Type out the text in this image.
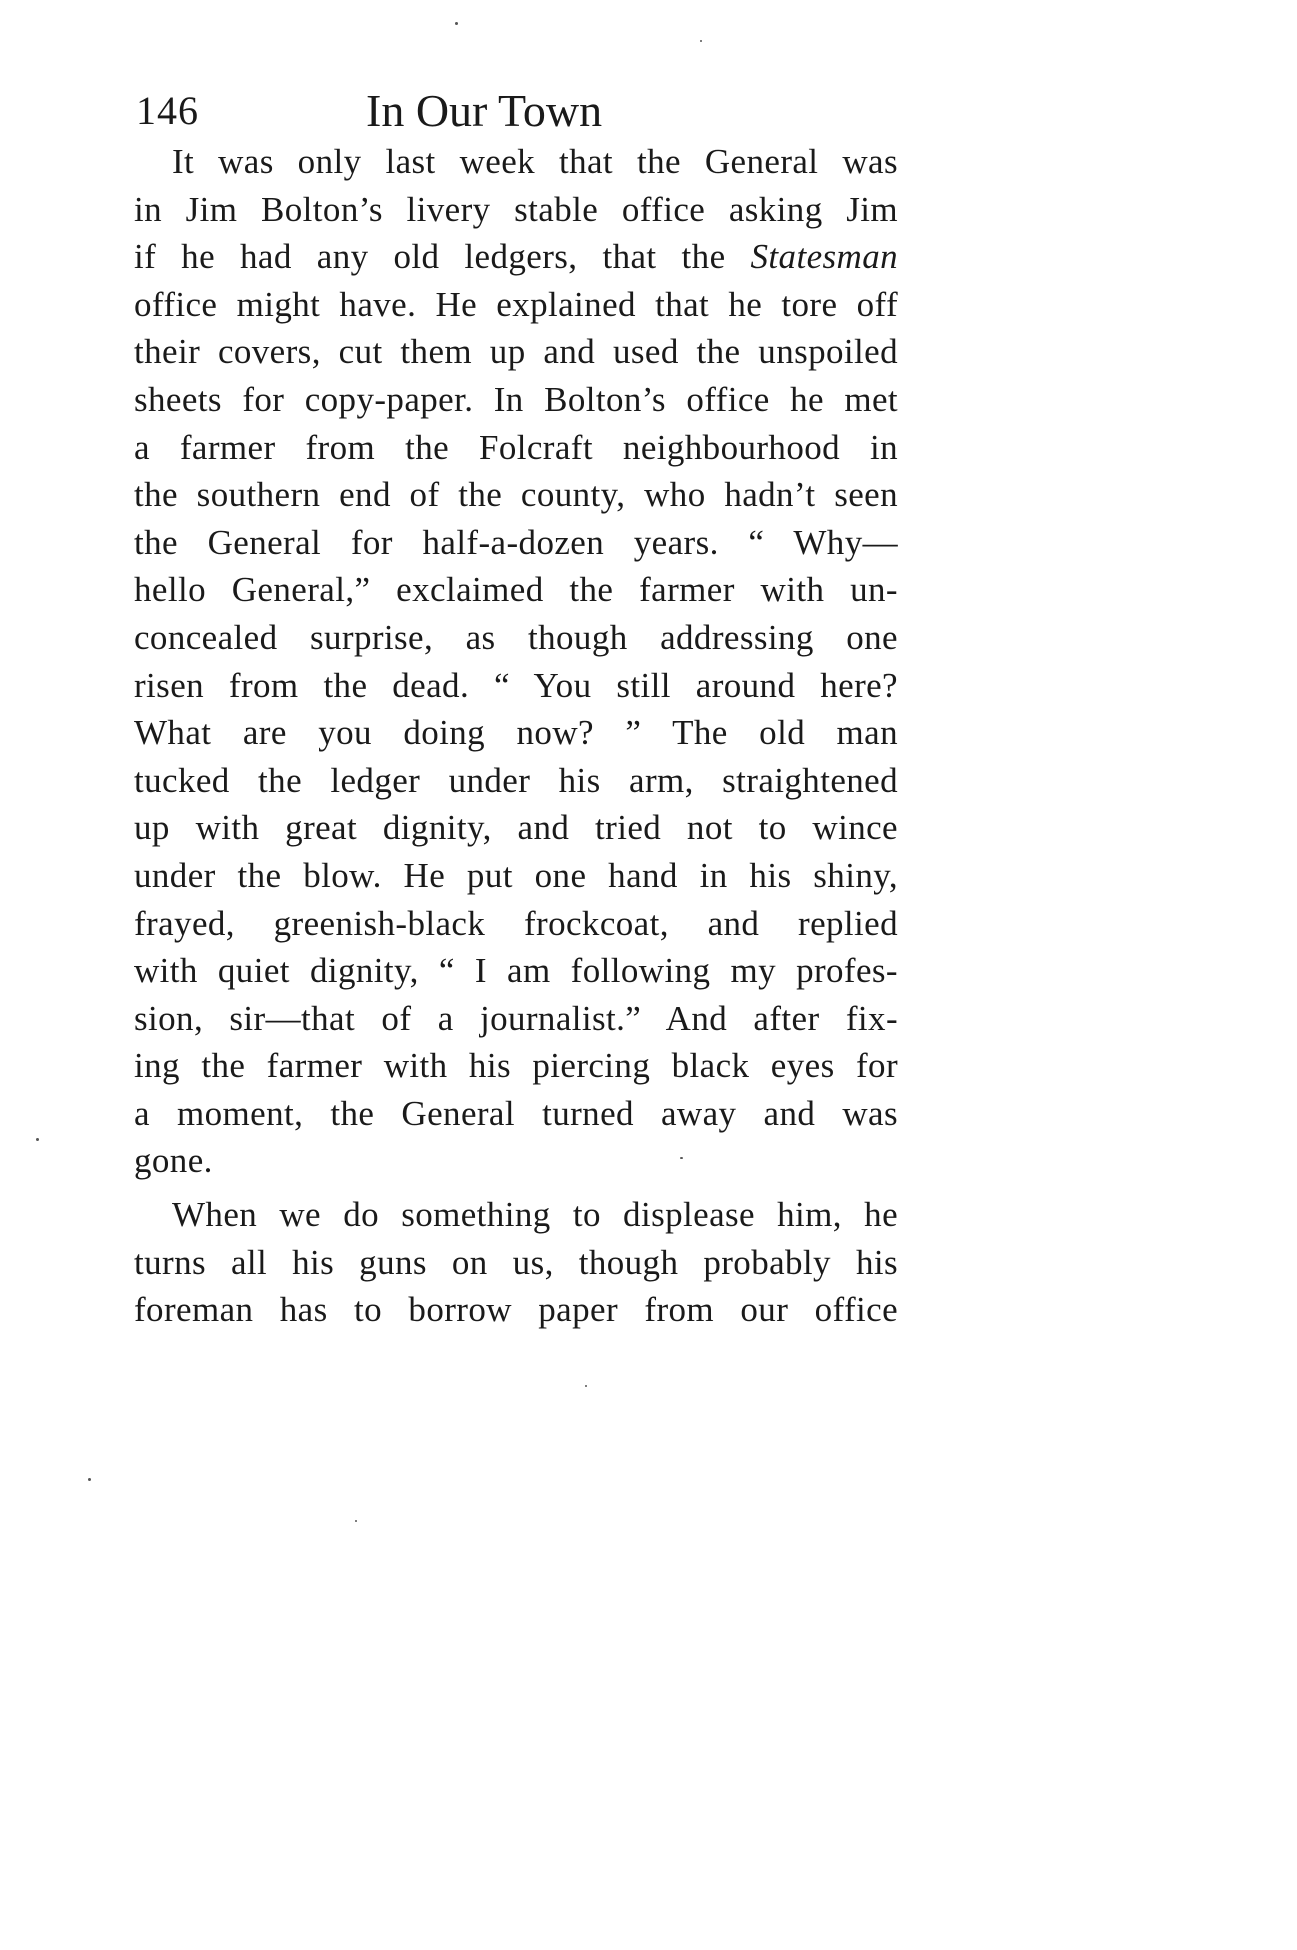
146	In Our Town
It was only last week that the General was
in Jim Bolton’s livery stable office asking Jim
if he had any old ledgers, that the Statesman
office might have. He explained that he tore off
their covers, cut them up and used the unspoiled
sheets for copy-paper. In Bolton’s office he met
a farmer from the Folcraft neighbourhood in
the southern end of the county, who hadn’t seen
the General for half-a-dozen years. “ Why—
hello General,” exclaimed the farmer with un-
concealed surprise, as though addressing one
risen from the dead. “ You still around here?
What are you doing now? ” The old man
tucked the ledger under his arm, straightened
up with great dignity, and tried not to wince
under the blow. He put one hand in his shiny,
frayed, greenish-black frockcoat, and replied
with quiet dignity, “ I am following my profes-
sion, sir—that of a journalist.” And after fix-
ing the farmer with his piercing black eyes for
a moment, the General turned away and was
gone.
When we do something to displease him, he
turns all his guns on us, though probably his
foreman has to borrow paper from our office
